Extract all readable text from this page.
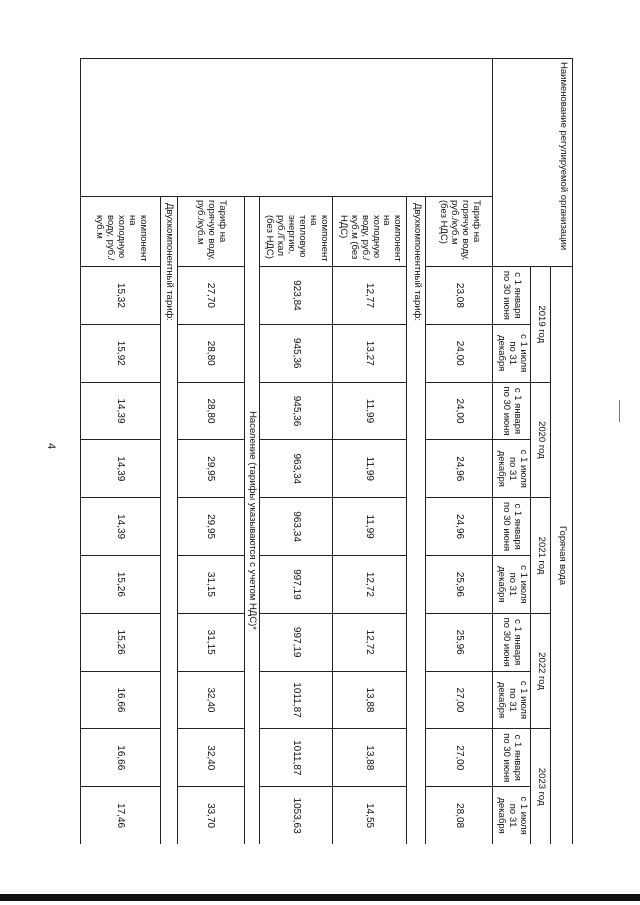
4
Наименование регулируемой организации		Горячая вода									
		2019 год		2020 год		2021 год		2022 год		2023 год	
		с 1 января по 30 июня	с 1 июля по 31 декабря	с 1 января по 30 июня	с 1 июля по 31 декабря	с 1 января по 30 июня	с 1 июля по 31 декабря	с 1 января по 30 июня	с 1 июля по 31 декабря	с 1 января по 30 июня	с 1 июля по 31 декабря
	Тариф на горячую воду, руб./куб.м (без НДС)	23,08	24,00	24,00	24,96	24,96	25,96	25,96	27,00	27,00	28,08
	Двухкомпонентный тариф:										
	компонент на холодную воду, руб./куб.м (без НДС)	12,77	13,27	11,99	11,99	11,99	12,72	12,72	13,88	13,88	14,55
	компонент на тепловую энергию, руб./Гкал (без НДС)	923,84	945,36	945,36	963,34	963,34	997,19	997,19	1011,87	1011,87	1053,63
	Население (тарифы указываются с учетом НДС)*										
	Тариф на горячую воду, руб./куб.м	27,70	28,80	28,80	29,95	29,95	31,15	31,15	32,40	32,40	33,70
	Двухкомпонентный тариф:										
	компонент на холодную воду, руб./куб.м	15,32	15,92	14,39	14,39	14,39	15,26	15,26	16,66	16,66	17,46
